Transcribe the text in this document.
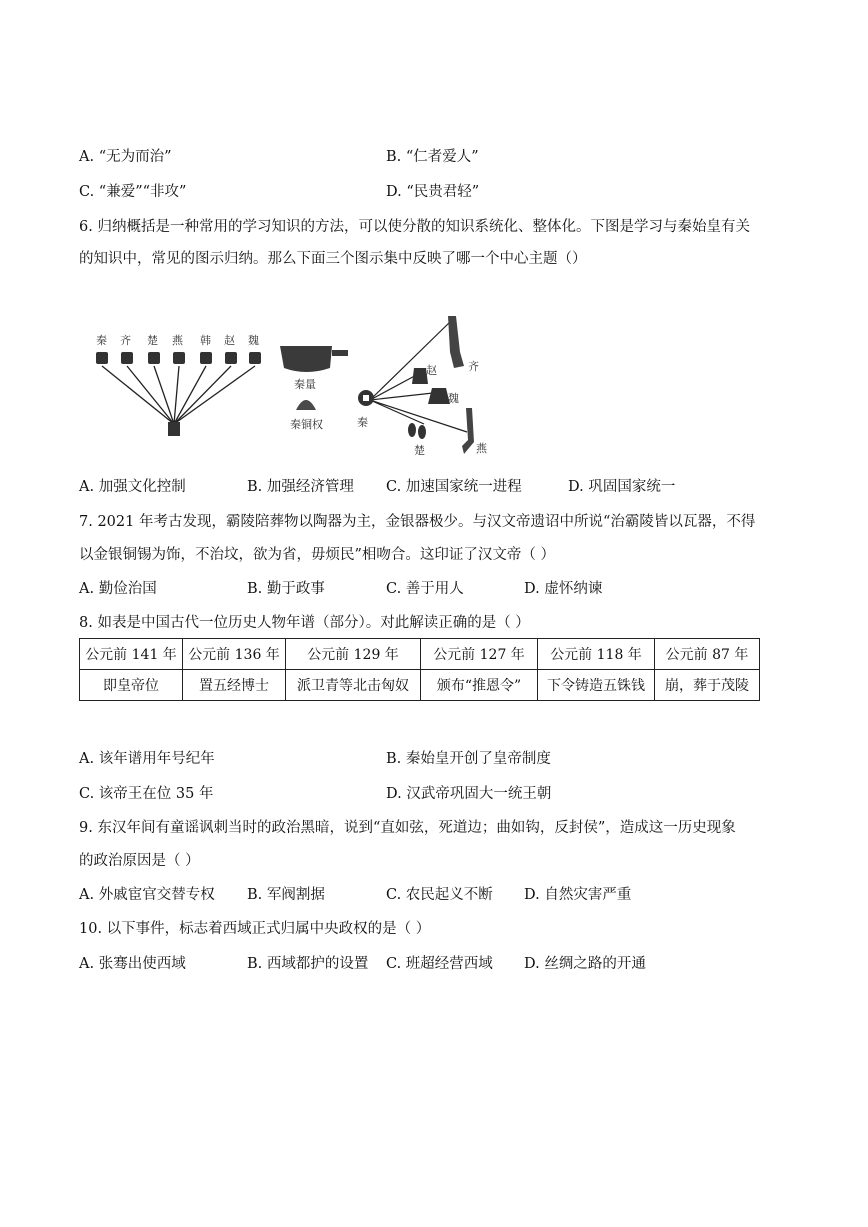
A. “无为而治”	B. “仁者爱人”
C. “兼爱”“非攻”	D. “民贵君轻”
6. 归纳概括是一种常用的学习知识的方法，可以使分散的知识系统化、整体化。下图是学习与秦始皇有关
的知识中，常见的图示归纳。那么下面三个图示集中反映了哪一个中心主题（）
秦 齐 楚 燕 韩 赵 魏
秦量
秦铜权	秦
齐
赵
魏
楚	燕
A. 加强文化控制	B. 加强经济管理 C. 加速国家统一进程	D. 巩固国家统一
7. 2021 年考古发现，霸陵陪葬物以陶器为主，金银器极少。与汉文帝遗诏中所说“治霸陵皆以瓦器，不得
以金银铜锡为饰，不治坟，欲为省，毋烦民”相吻合。这印证了汉文帝（ ）
A. 勤俭治国	B. 勤于政事	C. 善于用人	D. 虚怀纳谏
8. 如表是中国古代一位历史人物年谱（部分）。对此解读正确的是（ ）
公元前 141 年	公元前 136 年	公元前 129 年	公元前 127 年	公元前 118 年	公元前 87 年
即皇帝位	置五经博士	派卫青等北击匈奴	颁布“推恩令”	下令铸造五铢钱	崩，葬于茂陵
A. 该年谱用年号纪年	B. 秦始皇开创了皇帝制度
C. 该帝王在位 35 年	D. 汉武帝巩固大一统王朝
9. 东汉年间有童谣讽刺当时的政治黑暗，说到“直如弦，死道边；曲如钩，反封侯”，造成这一历史现象
的政治原因是（ ）
A. 外戚宦官交替专权 B. 军阀割据	C. 农民起义不断 D. 自然灾害严重
10. 以下事件，标志着西域正式归属中央政权的是（ ）
A. 张骞出使西域	B. 西域都护的设置 C. 班超经营西域 D. 丝绸之路的开通
